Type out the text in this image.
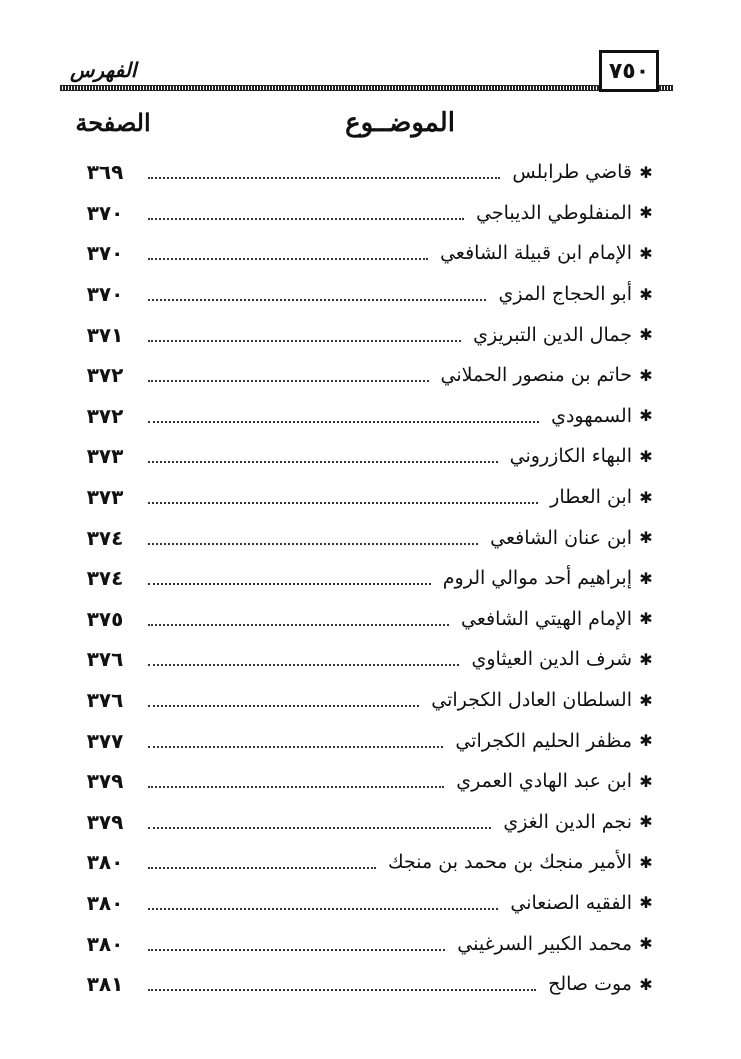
٧٥٠
الفهرس
الموضــوع
الصفحة
✱
قاضي طرابلس
٣٦٩
✱
المنفلوطي الديباجي
٣٧٠
✱
الإمام ابن قبيلة الشافعي
٣٧٠
✱
أبو الحجاج المزي
٣٧٠
✱
جمال الدين التبريزي
٣٧١
✱
حاتم بن منصور الحملاني
٣٧٢
✱
السمهودي
٣٧٢
✱
البهاء الكازروني
٣٧٣
✱
ابن العطار
٣٧٣
✱
ابن عنان الشافعي
٣٧٤
✱
إبراهيم أحد موالي الروم
٣٧٤
✱
الإمام الهيتي الشافعي
٣٧٥
✱
شرف الدين العيثاوي
٣٧٦
✱
السلطان العادل الكجراتي
٣٧٦
✱
مظفر الحليم الكجراتي
٣٧٧
✱
ابن عبد الهادي العمري
٣٧٩
✱
نجم الدين الغزي
٣٧٩
✱
الأمير منجك بن محمد بن منجك
٣٨٠
✱
الفقيه الصنعاني
٣٨٠
✱
محمد الكبير السرغيني
٣٨٠
✱
موت صالح
٣٨١
